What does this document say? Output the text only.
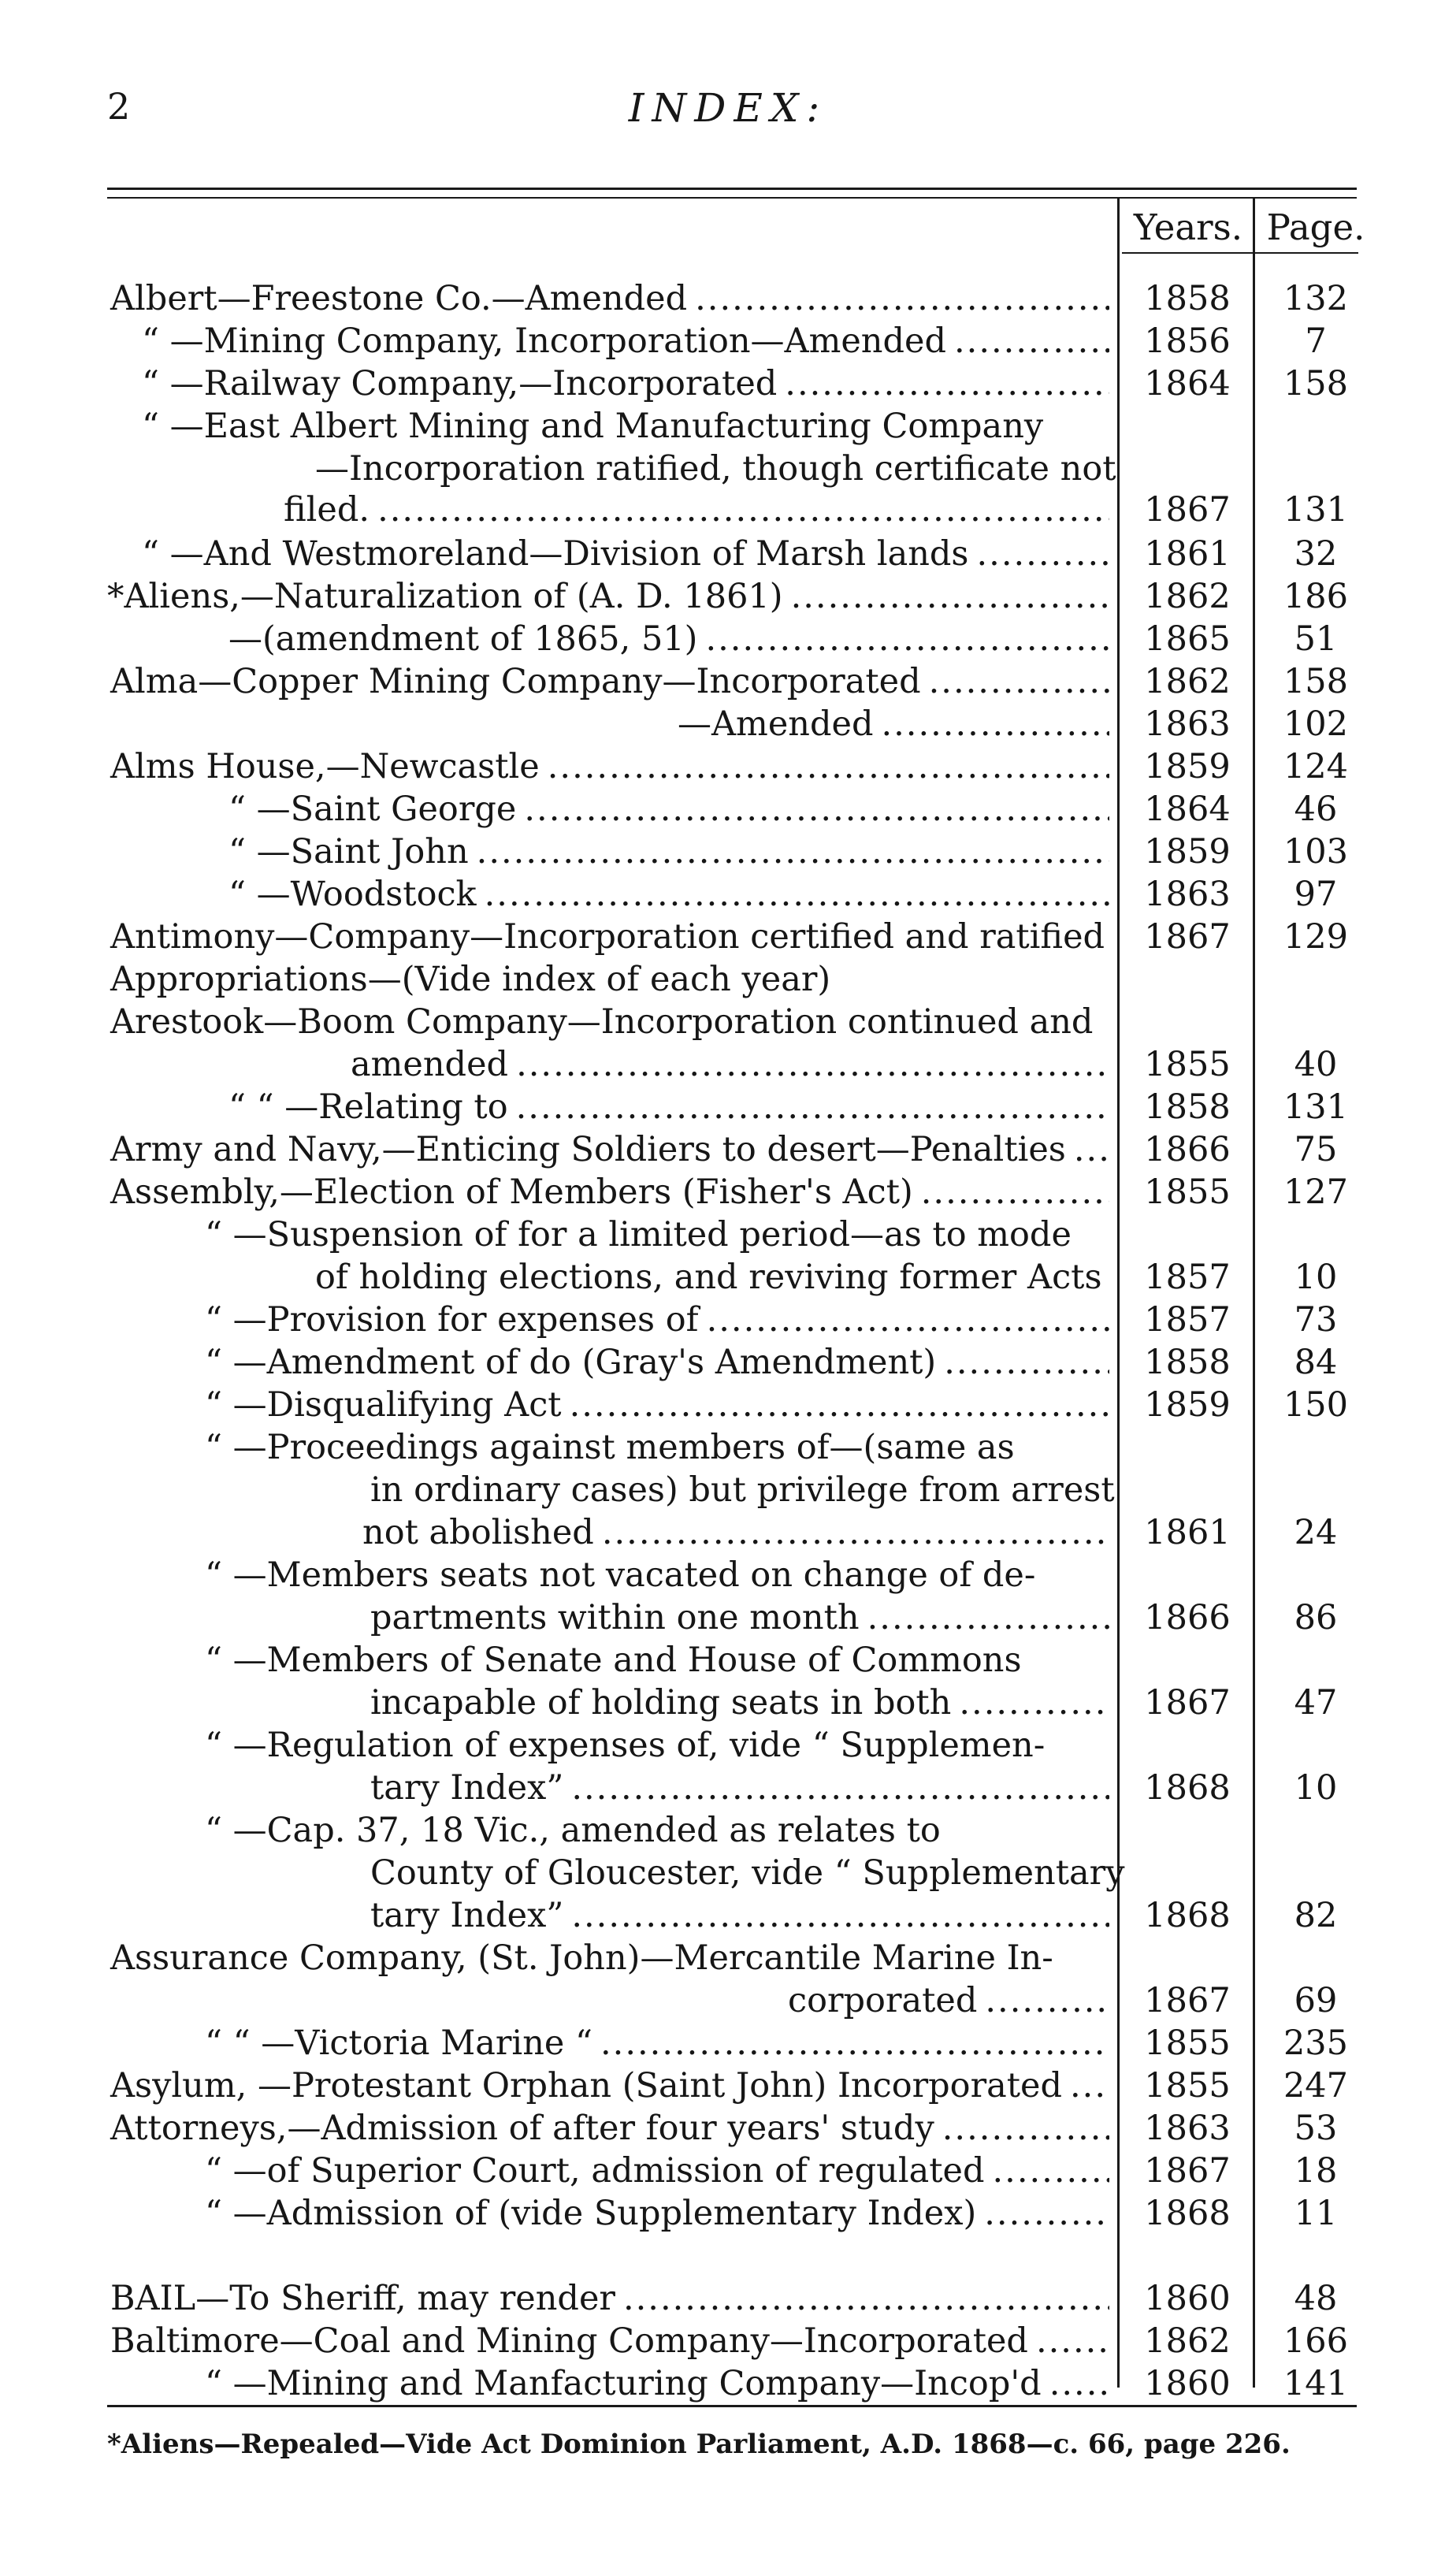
2	INDEX:
Years. Page.
Albert—Freestone Co.—Amended .....	1858	132
“ —Mining Company, Incorporation—Amended .....	1856	7
“ —Railway Company,—Incorporated .....	1864	158
“ —East Albert Mining and Manufacturing Company
—Incorporation ratified, though certificate not
filed. .....	1867	131
“ —And Westmoreland—Division of Marsh lands .....	1861	32
*Aliens,—Naturalization of (A. D. 1861) .....	1862	186
—(amendment of 1865, 51) .....	1865	51
Alma—Copper Mining Company—Incorporated .....	1862	158
—Amended .....	1863	102
Alms House,—Newcastle .....	1859	124
“ —Saint George .....	1864	46
“ —Saint John .....	1859	103
“ —Woodstock .....	1863	97
Antimony—Company—Incorporation certified and ratified	1867	129
Appropriations—(Vide index of each year)
Arestook—Boom Company—Incorporation continued and
amended .....	1855	40
“ “ —Relating to .....	1858	131
Army and Navy,—Enticing Soldiers to desert—Penalties .....	1866	75
Assembly,—Election of Members (Fisher's Act) .....	1855	127
“ —Suspension of for a limited period—as to mode
of holding elections, and reviving former Acts	1857	10
“ —Provision for expenses of .....	1857	73
“ —Amendment of do (Gray's Amendment) .....	1858	84
“ —Disqualifying Act .....	1859	150
“ —Proceedings against members of—(same as
in ordinary cases) but privilege from arrest
not abolished .....	1861	24
“ —Members seats not vacated on change of de-
partments within one month .....	1866	86
“ —Members of Senate and House of Commons
incapable of holding seats in both .....	1867	47
“ —Regulation of expenses of, vide “ Supplemen-
tary Index” .....	1868	10
“ —Cap. 37, 18 Vic., amended as relates to
County of Gloucester, vide “ Supplementary
tary Index” .....	1868	82
Assurance Company, (St. John)—Mercantile Marine In-
corporated .....	1867	69
“ “ —Victoria Marine “ .....	1855	235
Asylum, —Protestant Orphan (Saint John) Incorporated .....	1855	247
Attorneys,—Admission of after four years' study .....	1863	53
“ —of Superior Court, admission of regulated .....	1867	18
“ —Admission of (vide Supplementary Index) .....	1868	11
BAIL—To Sheriff, may render .....	1860	48
Baltimore—Coal and Mining Company—Incorporated .....	1862	166
“ —Mining and Manfacturing Company—Incop'd .....	1860	141
*Aliens—Repealed—Vide Act Dominion Parliament, A.D. 1868—c. 66, page 226.
